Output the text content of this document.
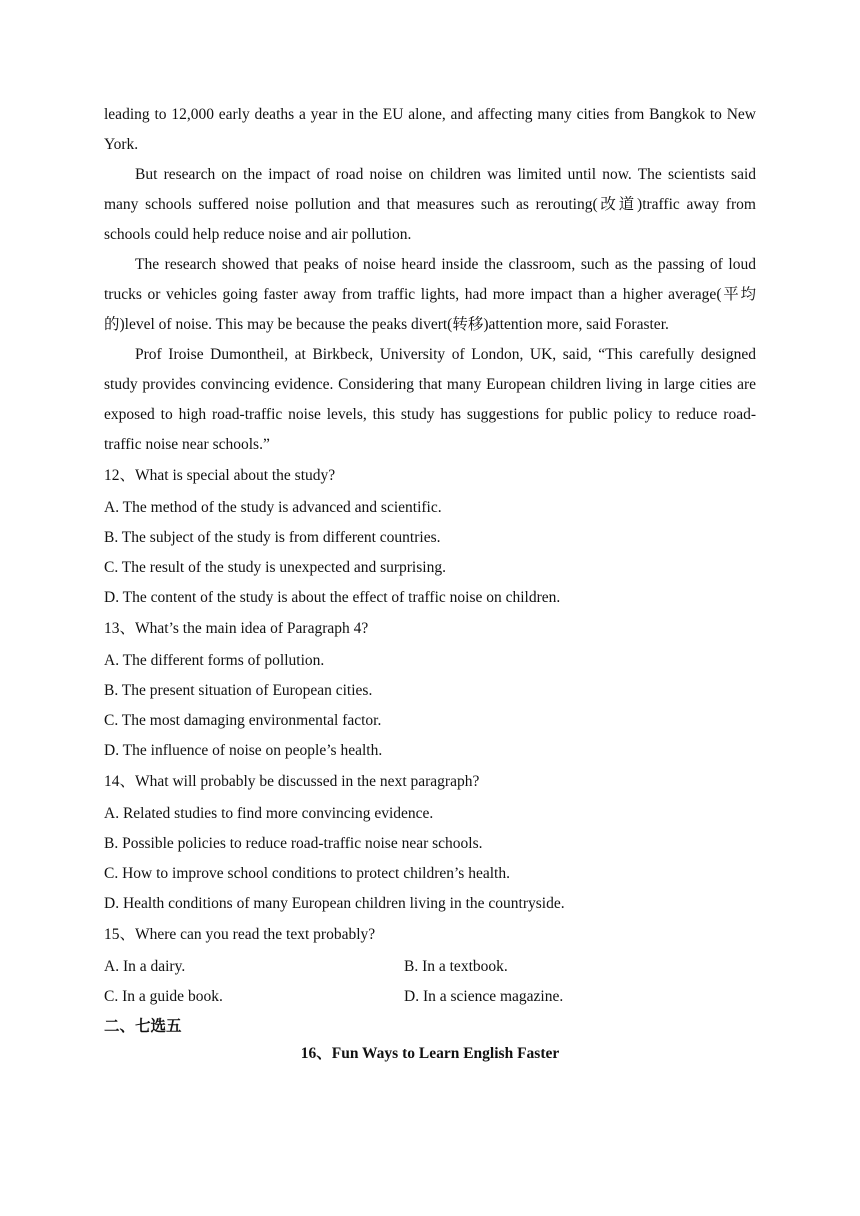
leading to 12,000 early deaths a year in the EU alone, and affecting many cities from Bangkok to New York.

But research on the impact of road noise on children was limited until now. The scientists said many schools suffered noise pollution and that measures such as rerouting(改道)traffic away from schools could help reduce noise and air pollution.

The research showed that peaks of noise heard inside the classroom, such as the passing of loud trucks or vehicles going faster away from traffic lights, had more impact than a higher average(平均的)level of noise. This may be because the peaks divert(转移)attention more, said Foraster.

Prof Iroise Dumontheil, at Birkbeck, University of London, UK, said, “This carefully designed study provides convincing evidence. Considering that many European children living in large cities are exposed to high road-traffic noise levels, this study has suggestions for public policy to reduce road-traffic noise near schools.”

12、What is special about the study?

A. The method of the study is advanced and scientific.

B. The subject of the study is from different countries.

C. The result of the study is unexpected and surprising.

D. The content of the study is about the effect of traffic noise on children.

13、What’s the main idea of Paragraph 4?

A. The different forms of pollution.

B. The present situation of European cities.

C. The most damaging environmental factor.

D. The influence of noise on people’s health.

14、What will probably be discussed in the next paragraph?

A. Related studies to find more convincing evidence.

B. Possible policies to reduce road-traffic noise near schools.

C. How to improve school conditions to protect children’s health.

D. Health conditions of many European children living in the countryside.

15、Where can you read the text probably?

A. In a dairy.	B. In a textbook.
C. In a guide book.	D. In a science magazine.

二、七选五

16、Fun Ways to Learn English Faster
